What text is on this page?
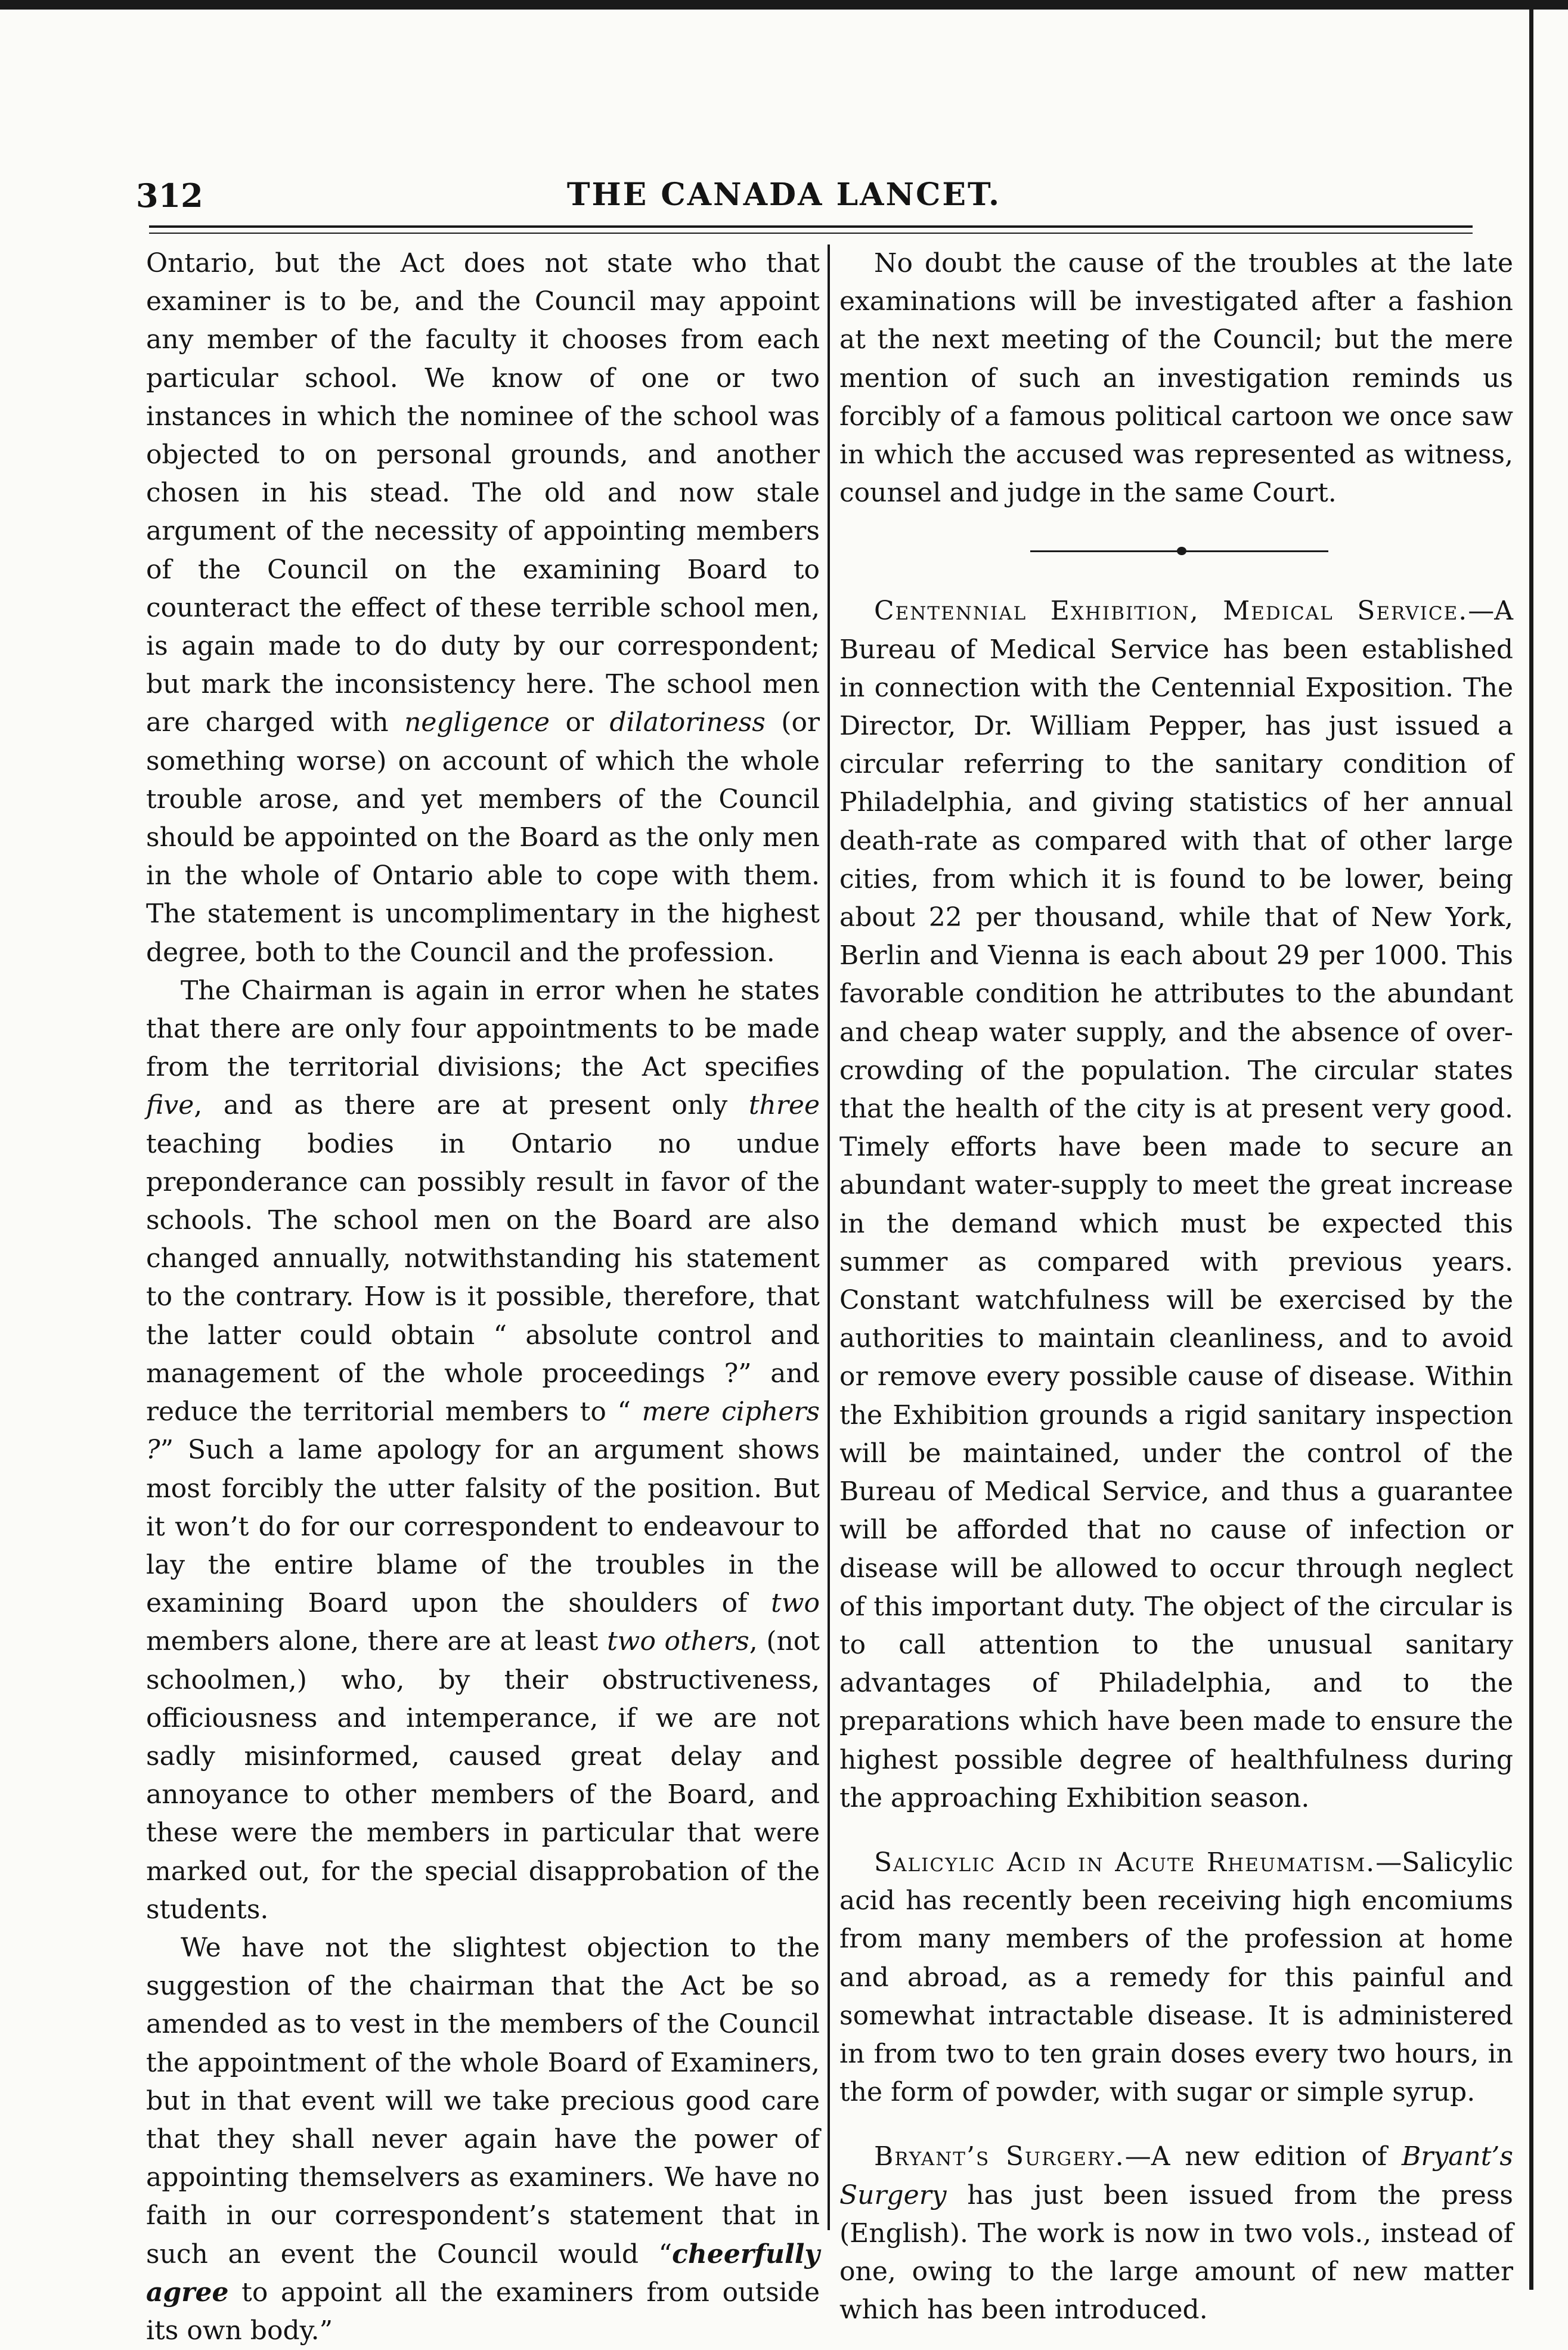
312	THE CANADA LANCET.

Ontario, but the Act does not state who that examiner is to be, and the Council may appoint any member of the faculty it chooses from each particular school. We know of one or two instances in which the nominee of the school was objected to on personal grounds, and another chosen in his stead. The old and now stale argument of the necessity of appointing members of the Council on the examining Board to counteract the effect of these terrible school men, is again made to do duty by our correspondent; but mark the inconsistency here. The school men are charged with negligence or dilatoriness (or something worse) on account of which the whole trouble arose, and yet members of the Council should be appointed on the Board as the only men in the whole of Ontario able to cope with them. The statement is uncomplimentary in the highest degree, both to the Council and the profession.

The Chairman is again in error when he states that there are only four appointments to be made from the territorial divisions; the Act specifies five, and as there are at present only three teaching bodies in Ontario no undue preponderance can possibly result in favor of the schools. The school men on the Board are also changed annually, notwithstanding his statement to the contrary. How is it possible, therefore, that the latter could obtain “ absolute control and management of the whole proceedings ?” and reduce the territorial members to “ mere ciphers ?” Such a lame apology for an argument shows most forcibly the utter falsity of the position. But it won’t do for our correspondent to endeavour to lay the entire blame of the troubles in the examining Board upon the shoulders of two members alone, there are at least two others, (not schoolmen,) who, by their obstructiveness, officiousness and intemperance, if we are not sadly misinformed, caused great delay and annoyance to other members of the Board, and these were the members in particular that were marked out, for the special disapprobation of the students.

We have not the slightest objection to the suggestion of the chairman that the Act be so amended as to vest in the members of the Council the appointment of the whole Board of Examiners, but in that event will we take precious good care that they shall never again have the power of appointing themselvers as examiners. We have no faith in our correspondent’s statement that in such an event the Council would “cheerfully agree to appoint all the examiners from outside its own body.”

No doubt the cause of the troubles at the late examinations will be investigated after a fashion at the next meeting of the Council; but the mere mention of such an investigation reminds us forcibly of a famous political cartoon we once saw in which the accused was represented as witness, counsel and judge in the same Court.

Centennial Exhibition, Medical Service.—A Bureau of Medical Service has been established in connection with the Centennial Exposition. The Director, Dr. William Pepper, has just issued a circular referring to the sanitary condition of Philadelphia, and giving statistics of her annual death-rate as compared with that of other large cities, from which it is found to be lower, being about 22 per thousand, while that of New York, Berlin and Vienna is each about 29 per 1000. This favorable condition he attributes to the abundant and cheap water supply, and the absence of over-crowding of the population. The circular states that the health of the city is at present very good. Timely efforts have been made to secure an abundant water-supply to meet the great increase in the demand which must be expected this summer as compared with previous years. Constant watchfulness will be exercised by the authorities to maintain cleanliness, and to avoid or remove every possible cause of disease. Within the Exhibition grounds a rigid sanitary inspection will be maintained, under the control of the Bureau of Medical Service, and thus a guarantee will be afforded that no cause of infection or disease will be allowed to occur through neglect of this important duty. The object of the circular is to call attention to the unusual sanitary advantages of Philadelphia, and to the preparations which have been made to ensure the highest possible degree of healthfulness during the approaching Exhibition season.

Salicylic Acid in Acute Rheumatism.—Salicylic acid has recently been receiving high encomiums from many members of the profession at home and abroad, as a remedy for this painful and somewhat intractable disease. It is administered in from two to ten grain doses every two hours, in the form of powder, with sugar or simple syrup.

Bryant’s Surgery.—A new edition of Bryant’s Surgery has just been issued from the press (English). The work is now in two vols., instead of one, owing to the large amount of new matter which has been introduced.
